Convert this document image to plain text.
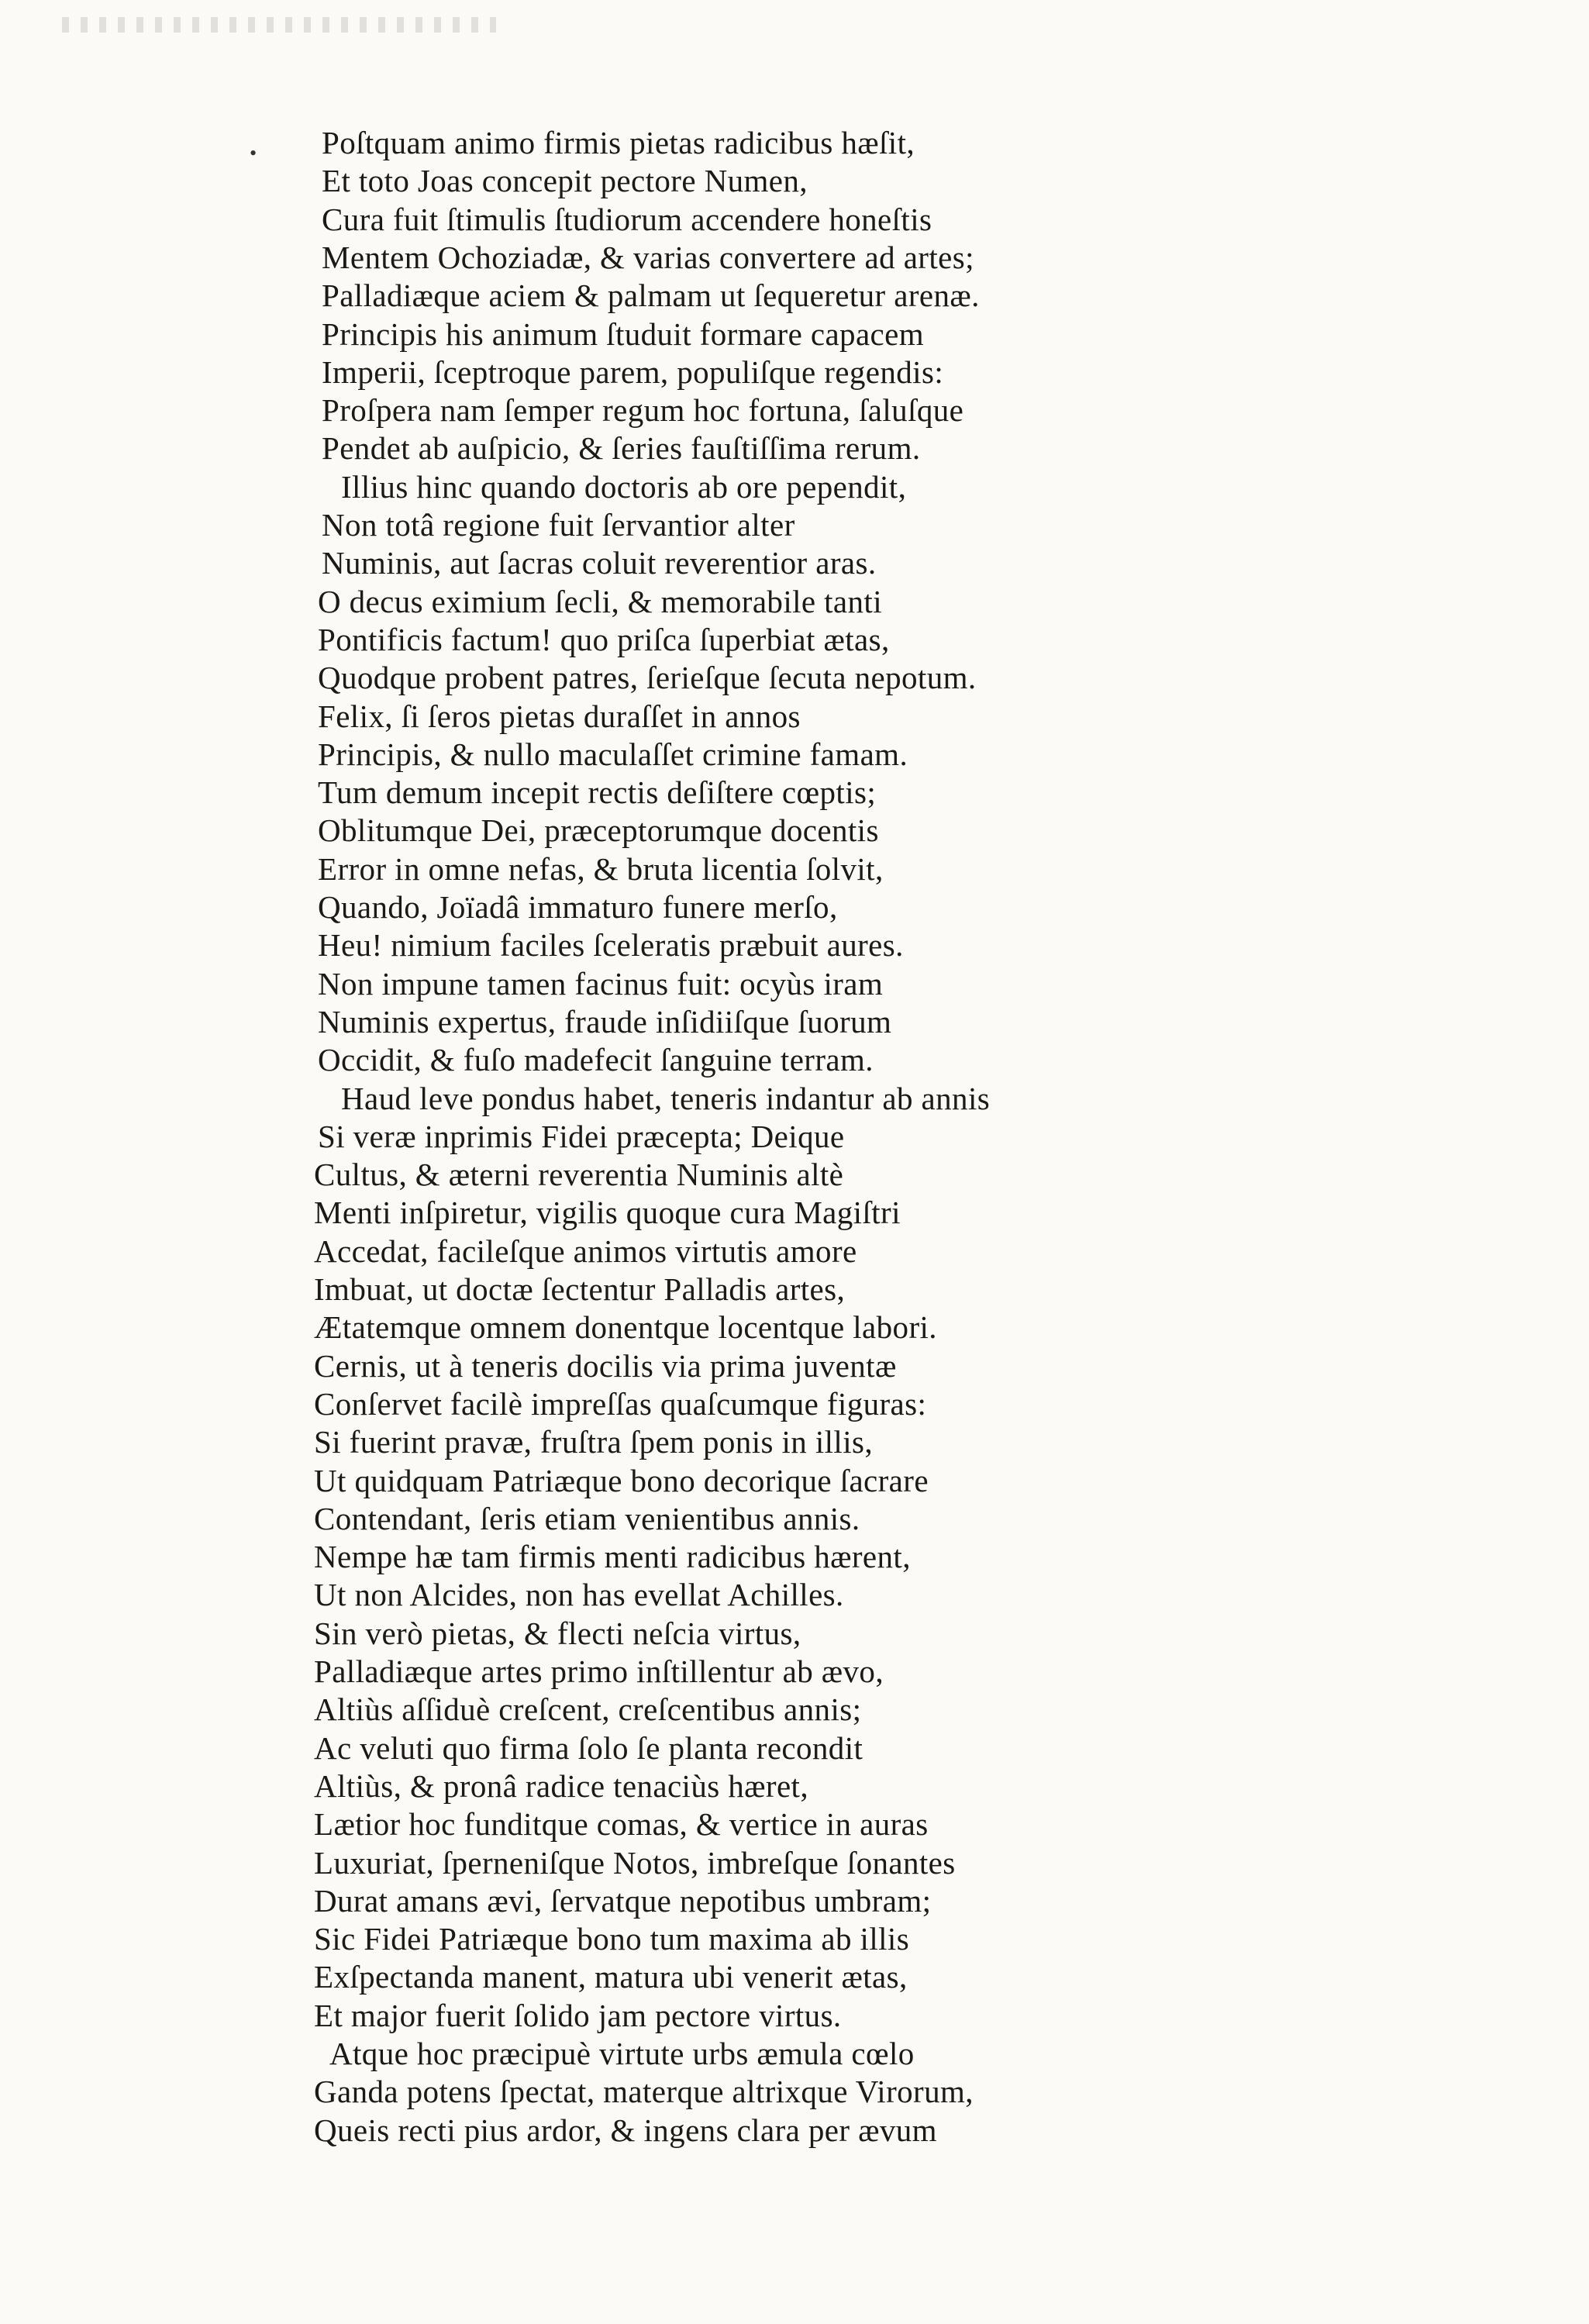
• Poſtquam animo firmis pietas radicibus hæſit,
Et toto Joas concepit pectore Numen,
Cura fuit ſtimulis ſtudiorum accendere honeſtis
Mentem Ochoziadæ, & varias convertere ad artes;
Palladiæque aciem & palmam ut ſequeretur arenæ.
Principis his animum ſtuduit formare capacem
Imperii, ſceptroque parem, populiſque regendis:
Proſpera nam ſemper regum hoc fortuna, ſaluſque
Pendet ab auſpicio, & ſeries fauſtiſſima rerum.
Illius hinc quando doctoris ab ore pependit,
Non totâ regione fuit ſervantior alter
Numinis, aut ſacras coluit reverentior aras.
O decus eximium ſecli, & memorabile tanti
Pontificis factum! quo priſca ſuperbiat ætas,
Quodque probent patres, ſerieſque ſecuta nepotum.
Felix, ſi ſeros pietas duraſſet in annos
Principis, & nullo maculaſſet crimine famam.
Tum demum incepit rectis deſiſtere cœptis;
Oblitumque Dei, præceptorumque docentis
Error in omne nefas, & bruta licentia ſolvit,
Quando, Joïadâ immaturo funere merſo,
Heu! nimium faciles ſceleratis præbuit aures.
Non impune tamen facinus fuit: ocyùs iram
Numinis expertus, fraude inſidiiſque ſuorum
Occidit, & fuſo madefecit ſanguine terram.
Haud leve pondus habet, teneris indantur ab annis
Si veræ inprimis Fidei præcepta; Deique
Cultus, & æterni reverentia Numinis altè
Menti inſpiretur, vigilis quoque cura Magiſtri
Accedat, facileſque animos virtutis amore
Imbuat, ut doctæ ſectentur Palladis artes,
Ætatemque omnem donentque locentque labori.
Cernis, ut à teneris docilis via prima juventæ
Conſervet facilè impreſſas quaſcumque figuras:
Si fuerint pravæ, fruſtra ſpem ponis in illis,
Ut quidquam Patriæque bono decorique ſacrare
Contendant, ſeris etiam venientibus annis.
Nempe hæ tam firmis menti radicibus hærent,
Ut non Alcides, non has evellat Achilles.
Sin verò pietas, & flecti neſcia virtus,
Palladiæque artes primo inſtillentur ab ævo,
Altiùs aſſiduè creſcent, creſcentibus annis;
Ac veluti quo firma ſolo ſe planta recondit
Altiùs, & pronâ radice tenaciùs hæret,
Lætior hoc funditque comas, & vertice in auras
Luxuriat, ſperneniſque Notos, imbreſque ſonantes
Durat amans ævi, ſervatque nepotibus umbram;
Sic Fidei Patriæque bono tum maxima ab illis
Exſpectanda manent, matura ubi venerit ætas,
Et major fuerit ſolido jam pectore virtus.
Atque hoc præcipuè virtute urbs æmula cœlo
Ganda potens ſpectat, materque altrixque Virorum,
Queis recti pius ardor, & ingens clara per ævum
